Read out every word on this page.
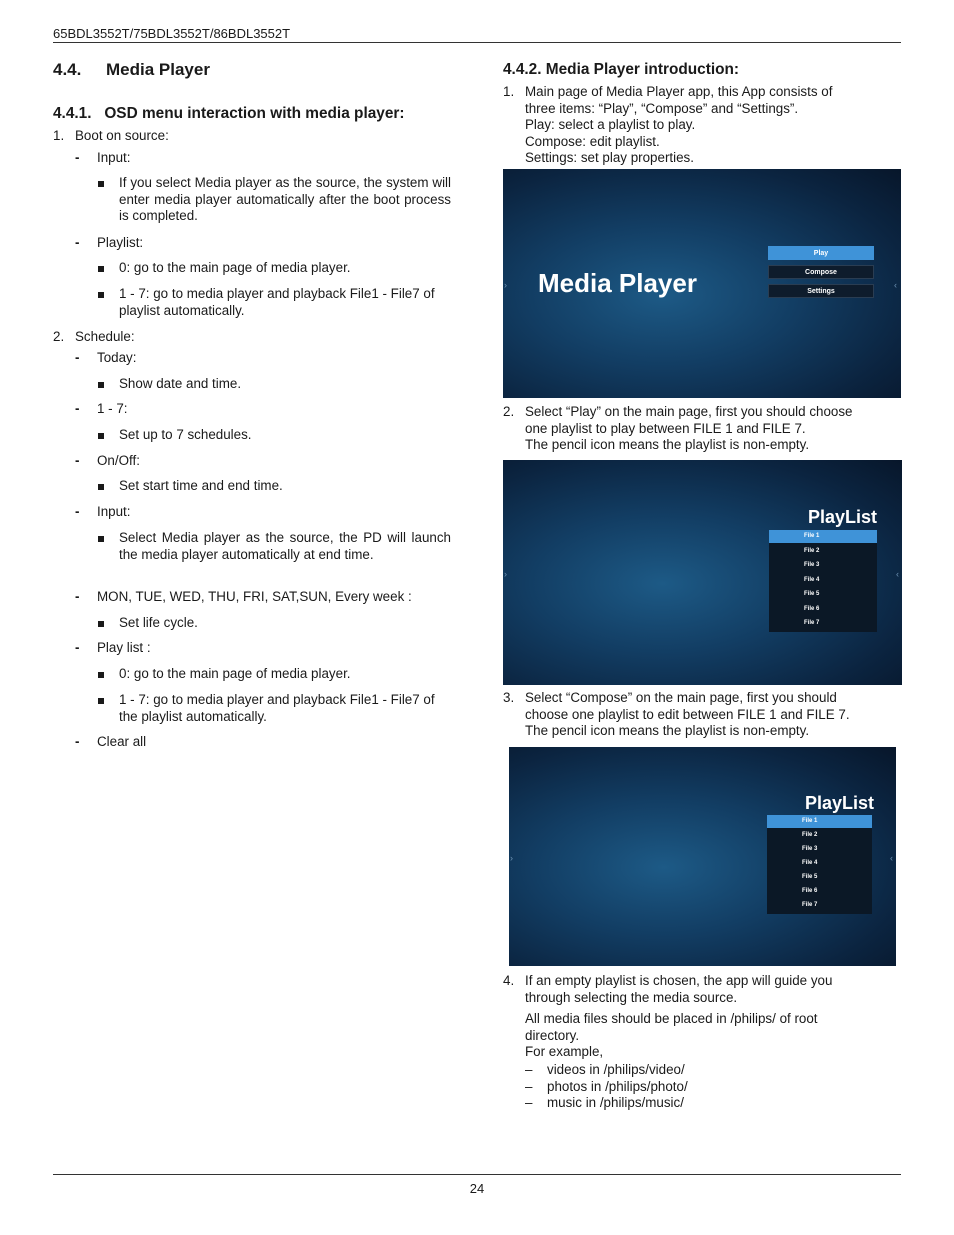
65BDL3552T/75BDL3552T/86BDL3552T
4.4. Media Player
4.4.1.   OSD menu interaction with media player:
1. Boot on source:
- Input:
If you select Media player as the source, the system will enter media player automatically after the boot process is completed.
- Playlist:
0: go to the main page of media player.
1 - 7: go to media player and playback File1 - File7 of playlist automatically.
2. Schedule:
- Today:
Show date and time.
- 1 - 7:
Set up to 7 schedules.
- On/Off:
Set start time and end time.
- Input:
Select Media player as the source, the PD will launch the media player automatically at end time.
- MON, TUE, WED, THU, FRI, SAT,SUN, Every week :
Set life cycle.
- Play list :
0: go to the main page of media player.
1 - 7: go to media player and playback File1 - File7 of the playlist automatically.
- Clear all
4.4.2. Media Player introduction:
1. Main page of Media Player app, this App consists of
three items: “Play”, “Compose” and “Settings”.
Play: select a playlist to play.
Compose: edit playlist.
Settings: set play properties.
›	‹
Media Player
Play
Compose
Settings
2. Select “Play” on the main page, first you should choose
one playlist to play between FILE 1 and FILE 7.
The pencil icon means the playlist is non-empty.
›	‹
PlayList
File 1
File 2
File 3
File 4
File 5
File 6
File 7
3. Select “Compose” on the main page, first you should
choose one playlist to edit between FILE 1 and FILE 7.
The pencil icon means the playlist is non-empty.
›	‹
PlayList
File 1
File 2
File 3
File 4
File 5
File 6
File 7
4. If an empty playlist is chosen, the app will guide you
through selecting the media source.
All media files should be placed in /philips/ of root
directory.
For example,
– videos in /philips/video/
– photos in /philips/photo/
– music in /philips/music/
24
